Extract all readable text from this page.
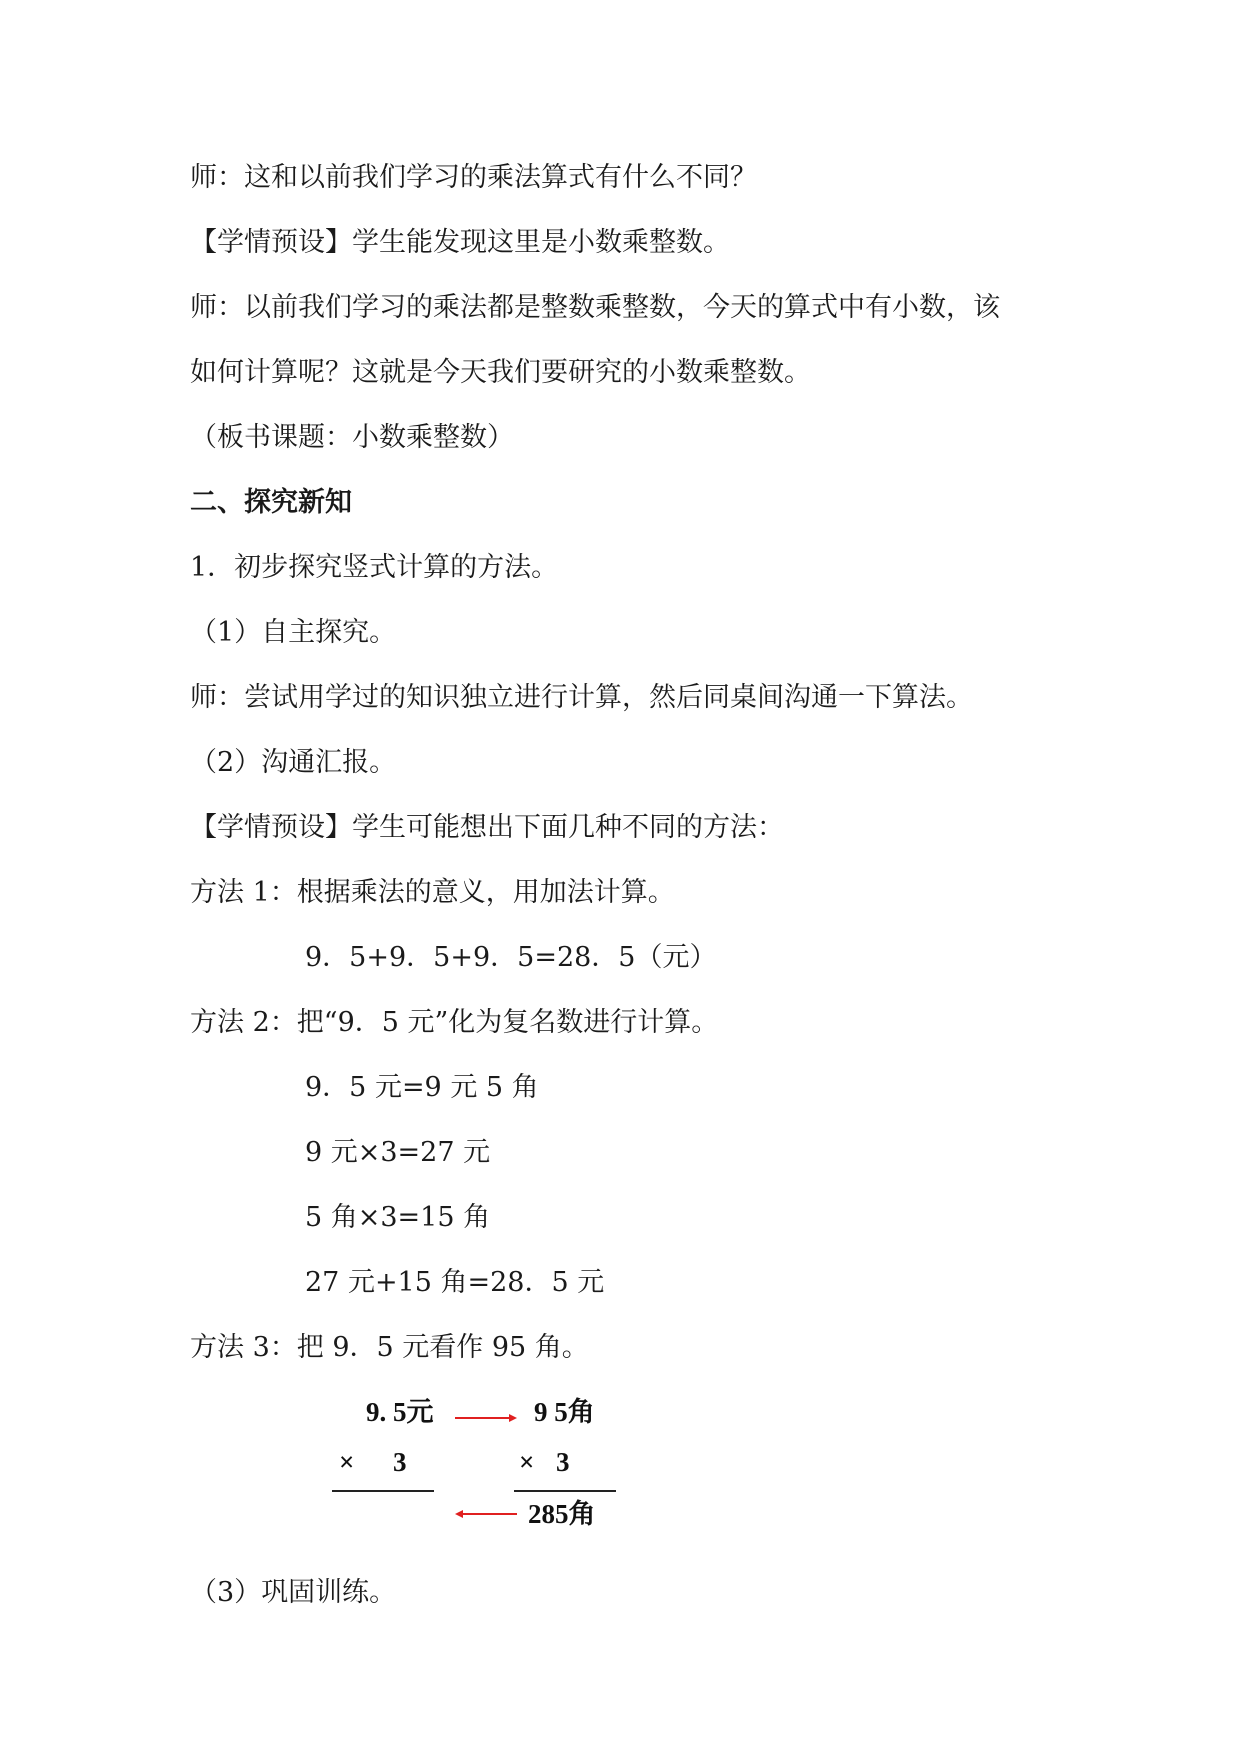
师：这和以前我们学习的乘法算式有什么不同？
【学情预设】学生能发现这里是小数乘整数。
师：以前我们学习的乘法都是整数乘整数，今天的算式中有小数，该
如何计算呢？这就是今天我们要研究的小数乘整数。
（板书课题：小数乘整数）
二、探究新知
1．初步探究竖式计算的方法。
（1）自主探究。
师：尝试用学过的知识独立进行计算，然后同桌间沟通一下算法。
（2）沟通汇报。
【学情预设】学生可能想出下面几种不同的方法：
方法 1：根据乘法的意义，用加法计算。
9．5+9．5+9．5=28．5（元）
方法 2：把“9．5 元”化为复名数进行计算。
9．5 元=9 元 5 角
9 元×3=27 元
5 角×3=15 角
27 元+15 角=28．5 元
方法 3：把 9．5 元看作 95 角。
9. 5元
× 3
9 5角
× 3
285角
（3）巩固训练。
